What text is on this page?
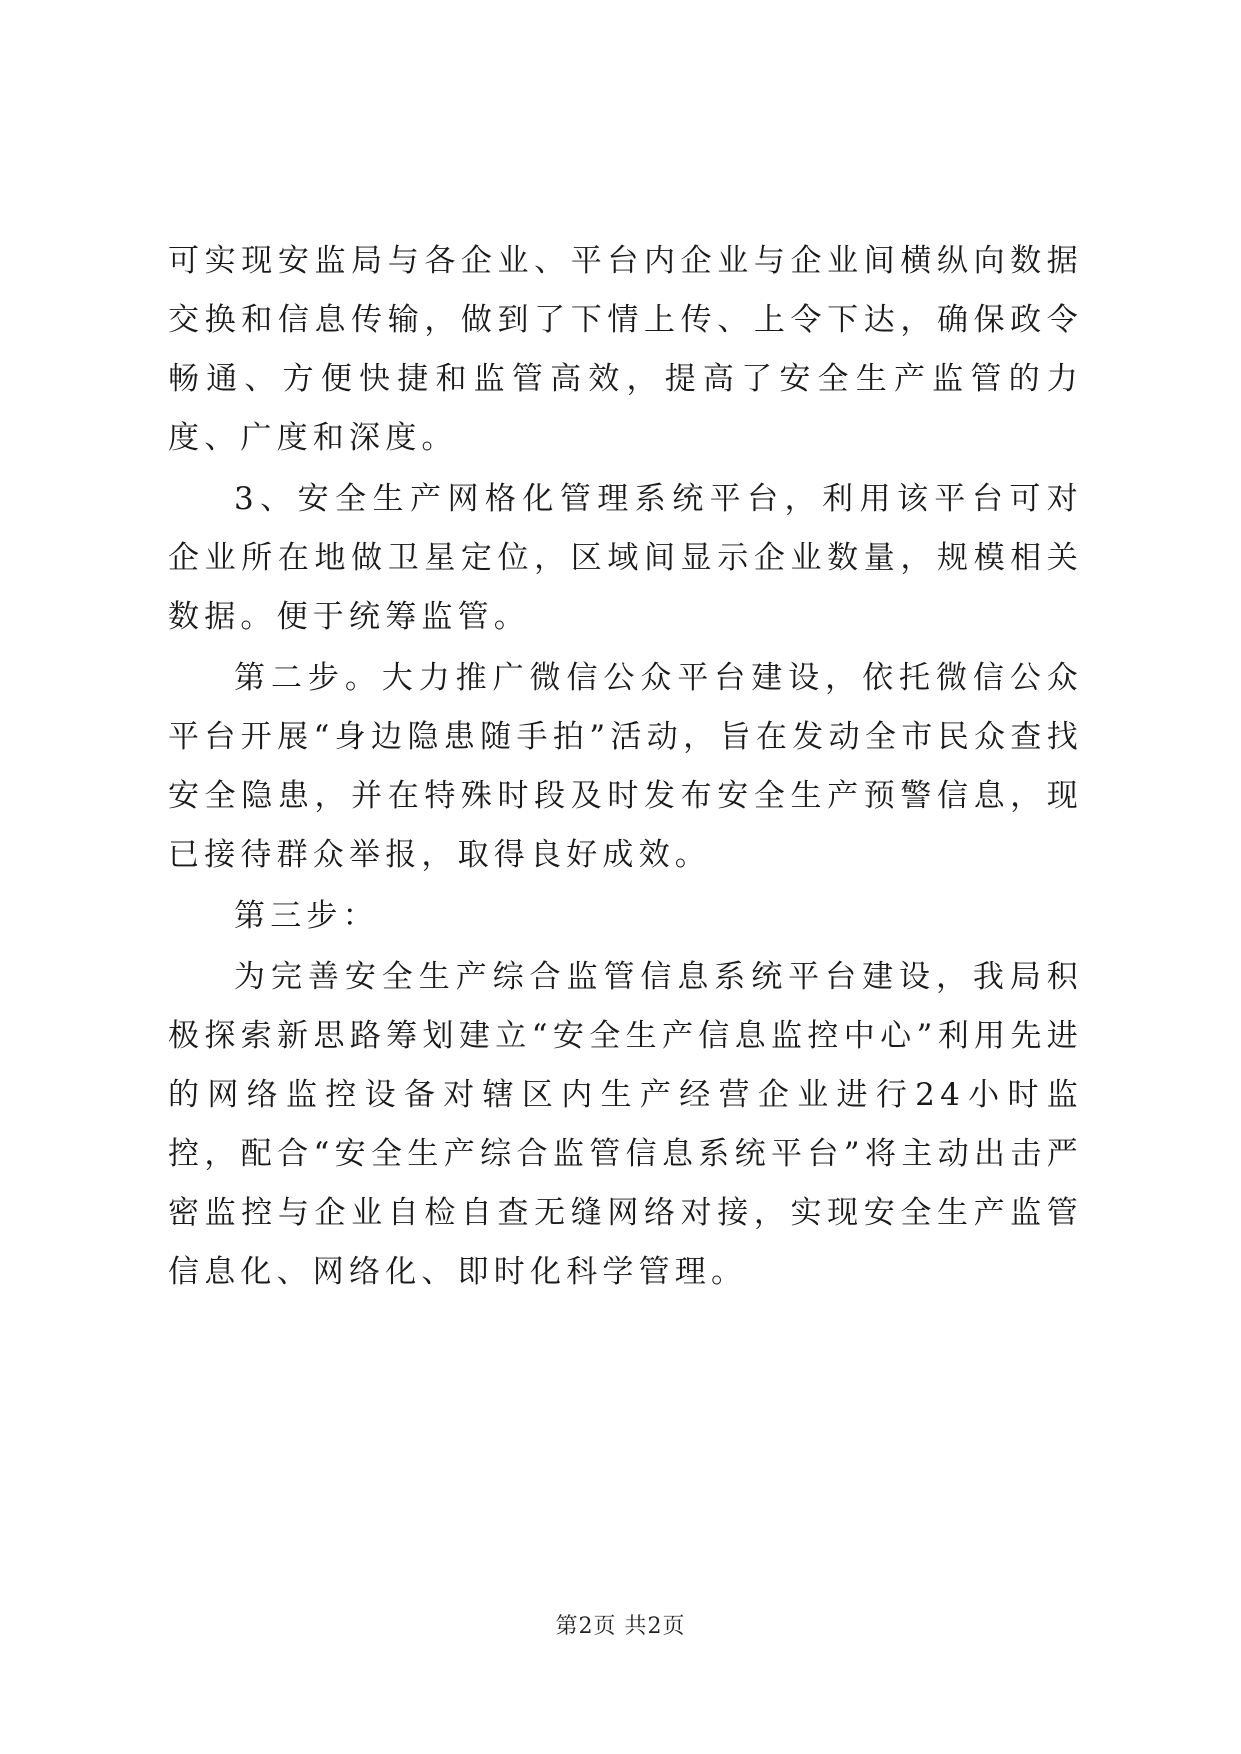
可实现安监局与各企业、平台内企业与企业间横纵向数据交换和信息传输，做到了下情上传、上令下达，确保政令畅通、方便快捷和监管高效，提高了安全生产监管的力度、广度和深度。

3、安全生产网格化管理系统平台，利用该平台可对企业所在地做卫星定位，区域间显示企业数量，规模相关数据。便于统筹监管。

第二步。大力推广微信公众平台建设，依托微信公众平台开展“身边隐患随手拍”活动，旨在发动全市民众查找安全隐患，并在特殊时段及时发布安全生产预警信息，现已接待群众举报，取得良好成效。

第三步：

为完善安全生产综合监管信息系统平台建设，我局积极探索新思路筹划建立“安全生产信息监控中心”利用先进的网络监控设备对辖区内生产经营企业进行24小时监控，配合“安全生产综合监管信息系统平台”将主动出击严密监控与企业自检自查无缝网络对接，实现安全生产监管信息化、网络化、即时化科学管理。

第2页 共2页
